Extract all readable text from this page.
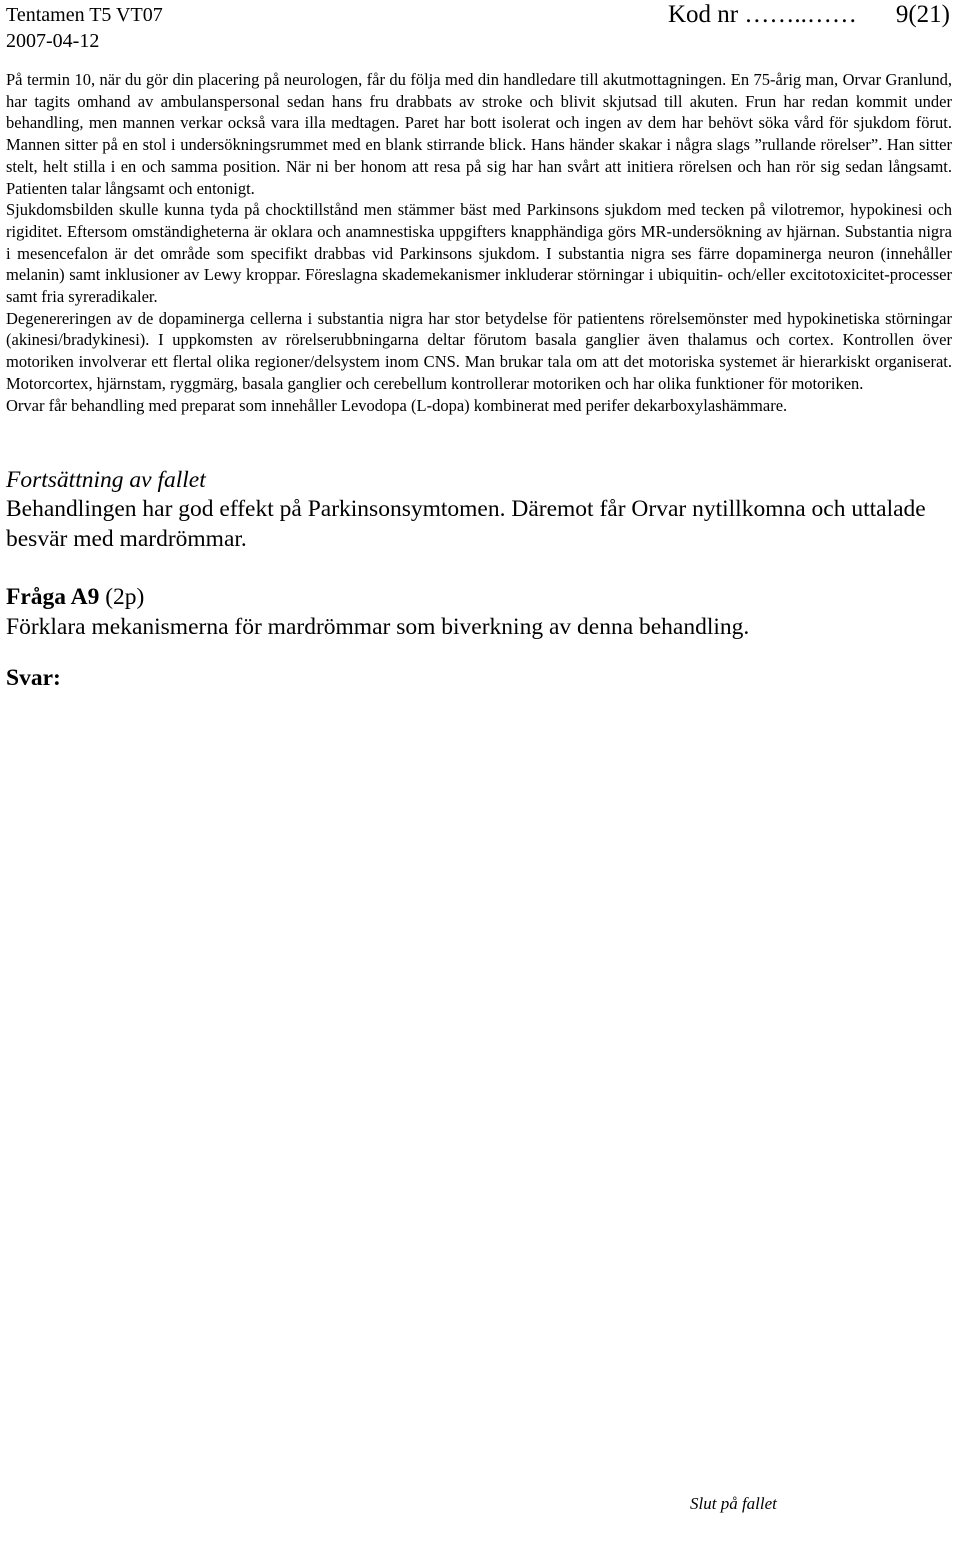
Tentamen T5 VT07
2007-04-12
Kod nr ……..…… 9(21)

På termin 10, när du gör din placering på neurologen, får du följa med din handledare till akutmottagningen. En 75-årig man, Orvar Granlund, har tagits omhand av ambulanspersonal sedan hans fru drabbats av stroke och blivit skjutsad till akuten. Frun har redan kommit under behandling, men mannen verkar också vara illa medtagen. Paret har bott isolerat och ingen av dem har behövt söka vård för sjukdom förut. Mannen sitter på en stol i undersökningsrummet med en blank stirrande blick. Hans händer skakar i några slags ”rullande rörelser”. Han sitter stelt, helt stilla i en och samma position. När ni ber honom att resa på sig har han svårt att initiera rörelsen och han rör sig sedan långsamt. Patienten talar långsamt och entonigt.

Sjukdomsbilden skulle kunna tyda på chocktillstånd men stämmer bäst med Parkinsons sjukdom med tecken på vilotremor, hypokinesi och rigiditet. Eftersom omständigheterna är oklara och anamnestiska uppgifters knapphändiga görs MR-undersökning av hjärnan. Substantia nigra i mesencefalon är det område som specifikt drabbas vid Parkinsons sjukdom. I substantia nigra ses färre dopaminerga neuron (innehåller melanin) samt inklusioner av Lewy kroppar. Föreslagna skademekanismer inkluderar störningar i ubiquitin- och/eller excitotoxicitet-processer samt fria syreradikaler.

Degenereringen av de dopaminerga cellerna i substantia nigra har stor betydelse för patientens rörelsemönster med hypokinetiska störningar (akinesi/bradykinesi). I uppkomsten av rörelserubbningarna deltar förutom basala ganglier även thalamus och cortex. Kontrollen över motoriken involverar ett flertal olika regioner/delsystem inom CNS. Man brukar tala om att det motoriska systemet är hierarkiskt organiserat. Motorcortex, hjärnstam, ryggmärg, basala ganglier och cerebellum kontrollerar motoriken och har olika funktioner för motoriken.

Orvar får behandling med preparat som innehåller Levodopa (L-dopa) kombinerat med perifer dekarboxylashämmare.

Fortsättning av fallet

Behandlingen har god effekt på Parkinsonsymtomen. Däremot får Orvar nytillkomna och uttalade besvär med mardrömmar.

Fråga A9 (2p)

Förklara mekanismerna för mardrömmar som biverkning av denna behandling.

Svar:
Slut på fallet
